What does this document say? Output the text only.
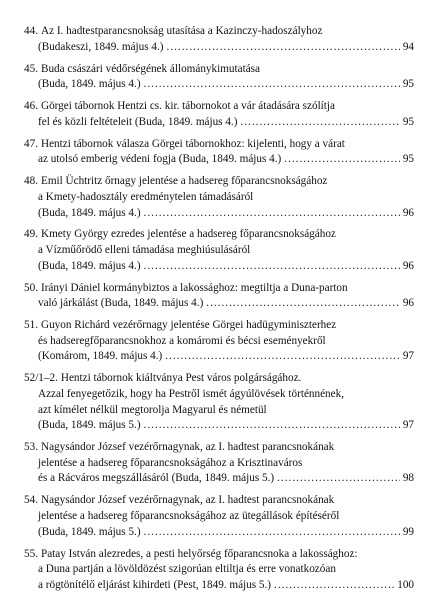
44. Az I. hadtestparancsnokság utasítása a Kazinczy-hadoszályhoz
(Budakeszi, 1849. május 4.) .....	94
45. Buda császári védőrségének állománykimutatása
(Buda, 1849. május 4.) .....	95
46. Görgei tábornok Hentzi cs. kir. tábornokot a vár átadására szólítja
fel és közli feltételeit (Buda, 1849. május 4.) .....	95
47. Hentzi tábornok válasza Görgei tábornokhoz: kijelenti, hogy a várat
az utolsó emberig védeni fogja (Buda, 1849. május 4.) .....	95
48. Emil Üchtritz őrnagy jelentése a hadsereg főparancsnokságához
a Kmety-hadosztály eredménytelen támadásáról
(Buda, 1849. május 4.) .....	96
49. Kmety György ezredes jelentése a hadsereg főparancsnokságához
a Vízműőrödő elleni támadása meghiúsulásáról
(Buda, 1849. május 4.) .....	96
50. Irányi Dániel kormánybiztos a lakossághoz: megtiltja a Duna-parton
való járkálást (Buda, 1849. május 4.) .....	96
51. Guyon Richárd vezérőrnagy jelentése Görgei hadügyminiszterhez
és hadseregfőparancsnokhoz a komáromi és bécsi eseményekről
(Komárom, 1849. május 4.) .....	97
52/1–2. Hentzi tábornok kiáltványa Pest város polgárságához.
Azzal fenyegetőzik, hogy ha Pestről ismét ágyúlövések történnének,
azt kímélet nélkül megtorolja Magyarul és németül
(Buda, 1849. május 5.) .....	97
53. Nagysándor József vezérőrnagynak, az I. hadtest parancsnokának
jelentése a hadsereg főparancsnokságához a Krisztinaváros
és a Rácváros megszállásáról (Buda, 1849. május 5.) .....	98
54. Nagysándor József vezérőrnagynak, az I. hadtest parancsnokának
jelentése a hadsereg főparancsnokságához az ütegállások építéséről
(Buda, 1849. május 5.) .....	99
55. Patay István alezredes, a pesti helyőrség főparancsnoka a lakossághoz:
a Duna partján a lövöldözést szigorúan eltiltja és erre vonatkozóan
a rögtönítélő eljárást kihirdeti (Pest, 1849. május 5.) .....	100
